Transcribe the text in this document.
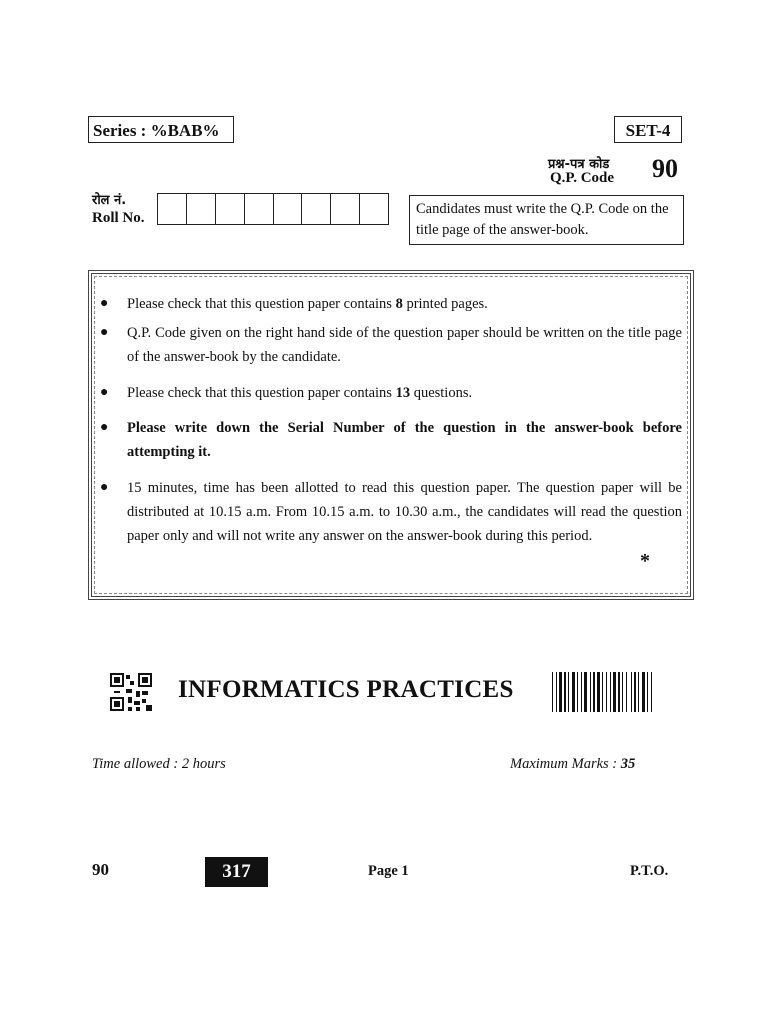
Series : %BAB%	SET-4
प्रश्न-पत्र कोड
Q.P. Code 90
रोल नं.
Roll No.
Candidates must write the Q.P. Code on the title page of the answer-book.
● Please check that this question paper contains 8 printed pages.
● Q.P. Code given on the right hand side of the question paper should be written on the title page of the answer-book by the candidate.
● Please check that this question paper contains 13 questions.
● Please write down the Serial Number of the question in the answer-book before attempting it.
● 15 minutes, time has been allotted to read this question paper. The question paper will be distributed at 10.15 a.m. From 10.15 a.m. to 10.30 a.m., the candidates will read the question paper only and will not write any answer on the answer-book during this period.
*
INFORMATICS PRACTICES
Time allowed : 2 hours	Maximum Marks : 35
90	317	Page 1	P.T.O.
